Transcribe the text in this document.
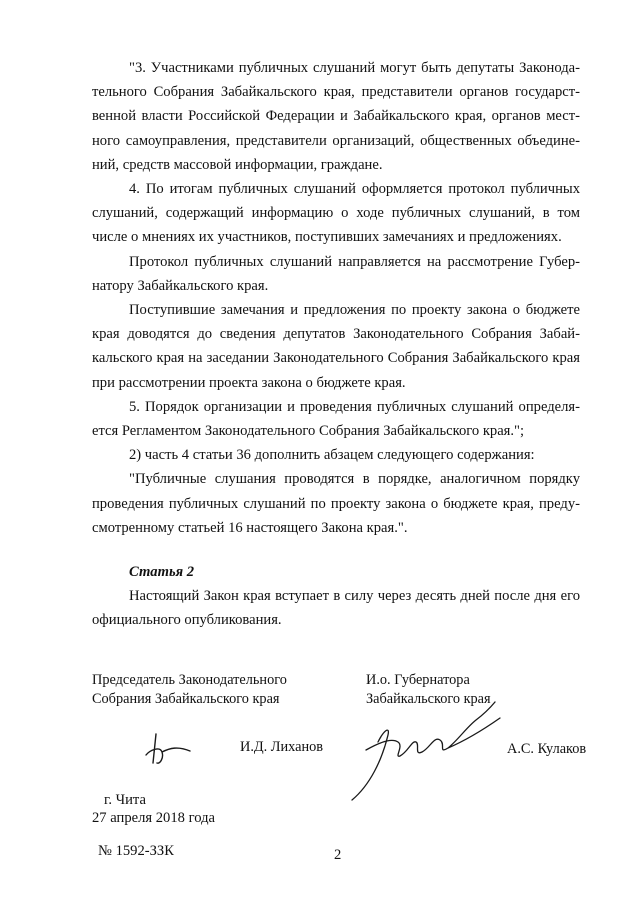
"3. Участниками публичных слушаний могут быть депутаты Законодательного Собрания Забайкальского края, представители органов государственной власти Российской Федерации и Забайкальского края, органов местного самоуправления, представители организаций, общественных объединений, средств массовой информации, граждане.

4. По итогам публичных слушаний оформляется протокол публичных слушаний, содержащий информацию о ходе публичных слушаний, в том числе о мнениях их участников, поступивших замечаниях и предложениях.

Протокол публичных слушаний направляется на рассмотрение Губернатору Забайкальского края.

Поступившие замечания и предложения по проекту закона о бюджете края доводятся до сведения депутатов Законодательного Собрания Забайкальского края на заседании Законодательного Собрания Забайкальского края при рассмотрении проекта закона о бюджете края.

5. Порядок организации и проведения публичных слушаний определяется Регламентом Законодательного Собрания Забайкальского края.";

2) часть 4 статьи 36 дополнить абзацем следующего содержания:

"Публичные слушания проводятся в порядке, аналогичном порядку проведения публичных слушаний по проекту закона о бюджете края, предусмотренному статьей 16 настоящего Закона края.".

Статья 2

Настоящий Закон края вступает в силу через десять дней после дня его официального опубликования.

Председатель Законодательного
Собрания Забайкальского края
И.Д. Лиханов
И.о. Губернатора
Забайкальского края
А.С. Кулаков
г. Чита
27 апреля 2018 года
№ 1592-ЗЗК	2
